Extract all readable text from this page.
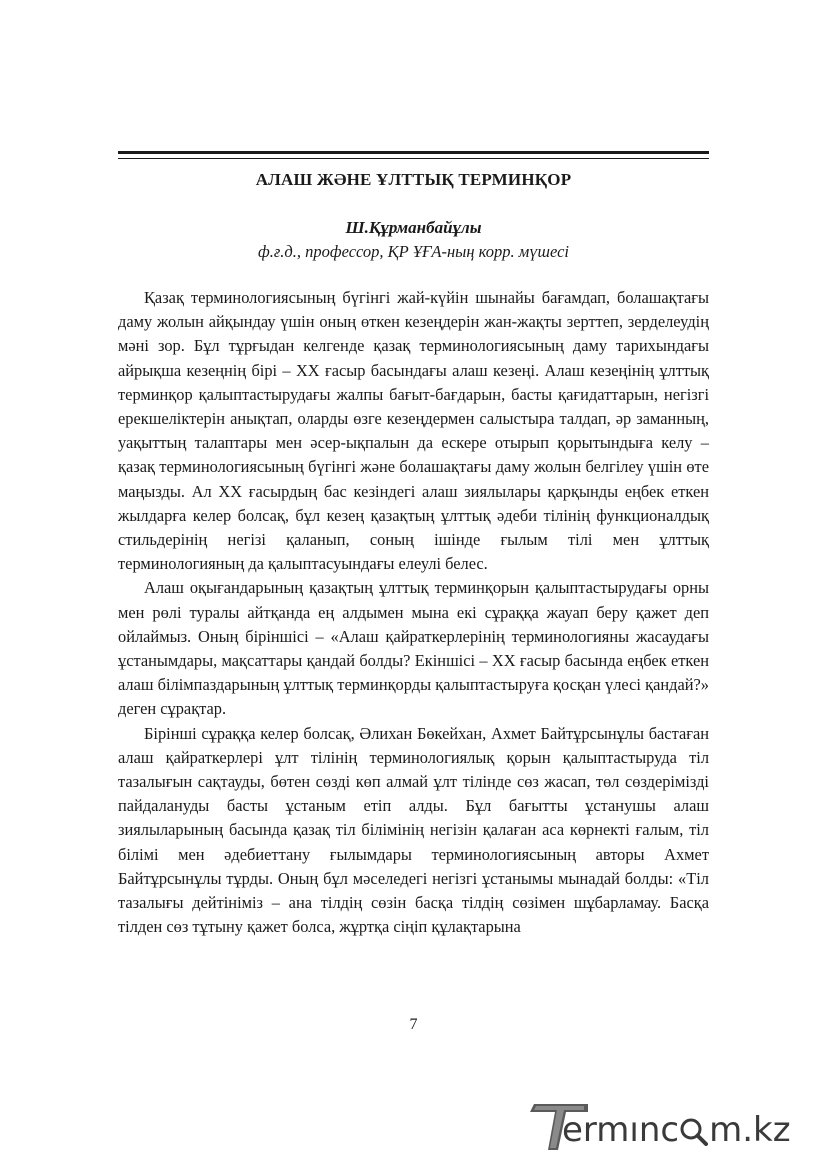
АЛАШ ЖӘНЕ ҰЛТТЫҚ ТЕРМИНҚОР
Ш.Құрманбайұлы
ф.ғ.д., профессор, ҚР ҰҒА-ның корр. мүшесі

Қазақ терминологиясының бүгінгі жай-күйін шынайы бағамдап, болашақтағы даму жолын айқындау үшін оның өткен кезеңдерін жан-жақты зерттеп, зерделеудің мәні зор. Бұл тұрғыдан келгенде қазақ терминологиясының даму тарихындағы айрықша кезеңнің бірі – ХХ ғасыр басындағы алаш кезеңі. Алаш кезеңінің ұлттық терминқор қалыптастырудағы жалпы бағыт-бағдарын, басты қағидаттарын, негізгі ерекшеліктерін анықтап, оларды өзге кезеңдермен салыстыра талдап, әр заманның, уақыттың талаптары мен әсер-ықпалын да ескере отырып қорытындыға келу – қазақ терминологиясының бүгінгі және болашақтағы даму жолын белгілеу үшін өте маңызды. Ал ХХ ғасырдың бас кезіндегі алаш зиялылары қарқынды еңбек еткен жылдарға келер болсақ, бұл кезең қазақтың ұлттық әдеби тілінің функционалдық стильдерінің негізі қаланып, соның ішінде ғылым тілі мен ұлттық терминологияның да қалыптасуындағы елеулі белес.

Алаш оқығандарының қазақтың ұлттық терминқорын қалыптастырудағы орны мен рөлі туралы айтқанда ең алдымен мына екі сұраққа жауап беру қажет деп ойлаймыз. Оның біріншісі – «Алаш қайраткерлерінің терминологияны жасаудағы ұстанымдары, мақсаттары қандай болды? Екіншісі – ХХ ғасыр басында еңбек еткен алаш білімпаздарының ұлттық терминқорды қалыптастыруға қосқан үлесі қандай?» деген сұрақтар.

Бірінші сұраққа келер болсақ, Әлихан Бөкейхан, Ахмет Байтұрсынұлы бастаған алаш қайраткерлері ұлт тілінің терминологиялық қорын қалыптастыруда тіл тазалығын сақтауды, бөтен сөзді көп алмай ұлт тілінде сөз жасап, төл сөздерімізді пайдалануды басты ұстаным етіп алды. Бұл бағытты ұстанушы алаш зиялыларының басында қазақ тіл білімінің негізін қалаған аса көрнекті ғалым, тіл білімі мен әдебиеттану ғылымдары терминологиясының авторы Ахмет Байтұрсынұлы тұрды. Оның бұл мәселедегі негізгі ұстанымы мынадай болды: «Тіл тазалығы дейтініміз – ана тілдің сөзін басқа тілдің сөзімен шұбарламау. Басқа тілден сөз тұтыну қажет болса, жұртқа сіңіп құлақтарына

7
ermınc m.kz
